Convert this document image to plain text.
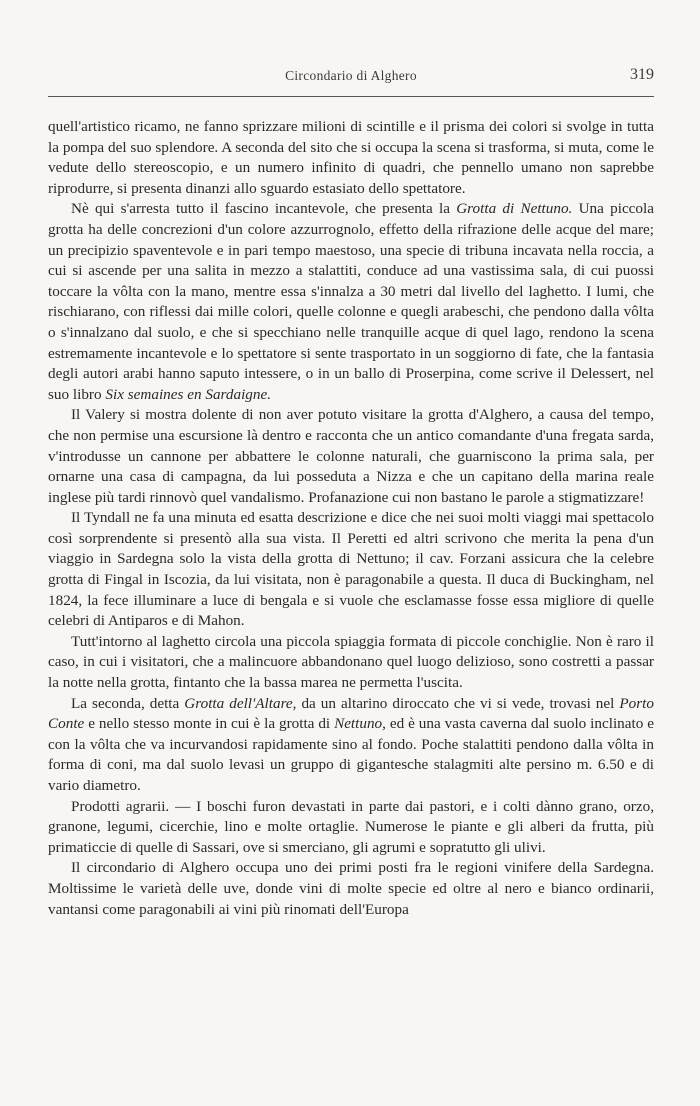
Circondario di Alghero	319

quell'artistico ricamo, ne fanno sprizzare milioni di scintille e il prisma dei colori si svolge in tutta la pompa del suo splendore. A seconda del sito che si occupa la scena si trasforma, si muta, come le vedute dello stereoscopio, e un numero infinito di quadri, che pennello umano non saprebbe riprodurre, si presenta dinanzi allo sguardo estasiato dello spettatore.

Nè qui s'arresta tutto il fascino incantevole, che presenta la Grotta di Nettuno. Una piccola grotta ha delle concrezioni d'un colore azzurrognolo, effetto della rifrazione delle acque del mare; un precipizio spaventevole e in pari tempo maestoso, una specie di tribuna incavata nella roccia, a cui si ascende per una salita in mezzo a stalattiti, conduce ad una vastissima sala, di cui puossi toccare la vôlta con la mano, mentre essa s'innalza a 30 metri dal livello del laghetto. I lumi, che rischiarano, con riflessi dai mille colori, quelle colonne e quegli arabeschi, che pendono dalla vôlta o s'innalzano dal suolo, e che si specchiano nelle tranquille acque di quel lago, rendono la scena estremamente incantevole e lo spettatore si sente trasportato in un soggiorno di fate, che la fantasia degli autori arabi hanno saputo intessere, o in un ballo di Proserpina, come scrive il Delessert, nel suo libro Six semaines en Sardaigne.

Il Valery si mostra dolente di non aver potuto visitare la grotta d'Alghero, a causa del tempo, che non permise una escursione là dentro e racconta che un antico comandante d'una fregata sarda, v'introdusse un cannone per abbattere le colonne naturali, che guarniscono la prima sala, per ornarne una casa di campagna, da lui posseduta a Nizza e che un capitano della marina reale inglese più tardi rinnovò quel vandalismo. Profanazione cui non bastano le parole a stigmatizzare!

Il Tyndall ne fa una minuta ed esatta descrizione e dice che nei suoi molti viaggi mai spettacolo così sorprendente si presentò alla sua vista. Il Peretti ed altri scrivono che merita la pena d'un viaggio in Sardegna solo la vista della grotta di Nettuno; il cav. Forzani assicura che la celebre grotta di Fingal in Iscozia, da lui visitata, non è paragonabile a questa. Il duca di Buckingham, nel 1824, la fece illuminare a luce di bengala e si vuole che esclamasse fosse essa migliore di quelle celebri di Antiparos e di Mahon.

Tutt'intorno al laghetto circola una piccola spiaggia formata di piccole conchiglie. Non è raro il caso, in cui i visitatori, che a malincuore abbandonano quel luogo delizioso, sono costretti a passar la notte nella grotta, fintanto che la bassa marea ne permetta l'uscita.

La seconda, detta Grotta dell'Altare, da un altarino diroccato che vi si vede, trovasi nel Porto Conte e nello stesso monte in cui è la grotta di Nettuno, ed è una vasta caverna dal suolo inclinato e con la vôlta che va incurvandosi rapidamente sino al fondo. Poche stalattiti pendono dalla vôlta in forma di coni, ma dal suolo levasi un gruppo di gigantesche stalagmiti alte persino m. 6.50 e di vario diametro.

Prodotti agrarii. — I boschi furon devastati in parte dai pastori, e i colti dànno grano, orzo, granone, legumi, cicerchie, lino e molte ortaglie. Numerose le piante e gli alberi da frutta, più primaticcie di quelle di Sassari, ove si smerciano, gli agrumi e sopratutto gli ulivi.

Il circondario di Alghero occupa uno dei primi posti fra le regioni vinifere della Sardegna. Moltissime le varietà delle uve, donde vini di molte specie ed oltre al nero e bianco ordinarii, vantansi come paragonabili ai vini più rinomati dell'Europa
